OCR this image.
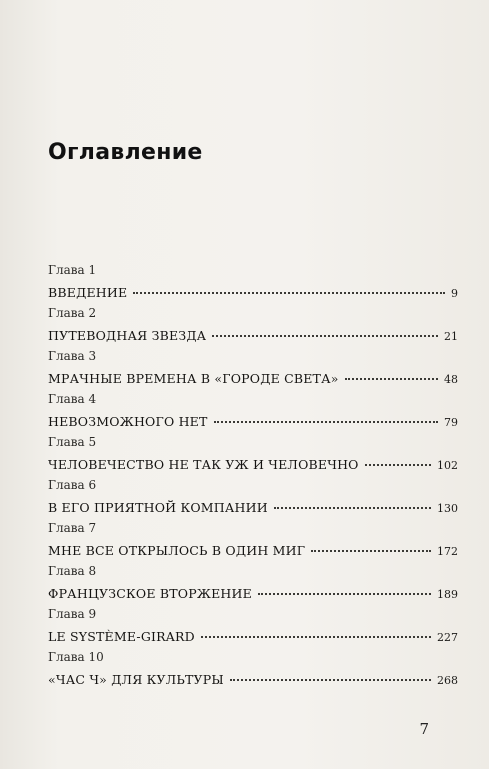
Оглавление
Глава 1
ВВЕДЕНИЕ	9
Глава 2
ПУТЕВОДНАЯ ЗВЕЗДА	21
Глава 3
МРАЧНЫЕ ВРЕМЕНА В «ГОРОДЕ СВЕТА»	48
Глава 4
НЕВОЗМОЖНОГО НЕТ	79
Глава 5
ЧЕЛОВЕЧЕСТВО НЕ ТАК УЖ И ЧЕЛОВЕЧНО	102
Глава 6
В ЕГО ПРИЯТНОЙ КОМПАНИИ	130
Глава 7
МНЕ ВСЕ ОТКРЫЛОСЬ В ОДИН МИГ	172
Глава 8
ФРАНЦУЗСКОЕ ВТОРЖЕНИЕ	189
Глава 9
LE SYSTÈME-GIRARD	227
Глава 10
«ЧАС Ч» ДЛЯ КУЛЬТУРЫ	268
7
